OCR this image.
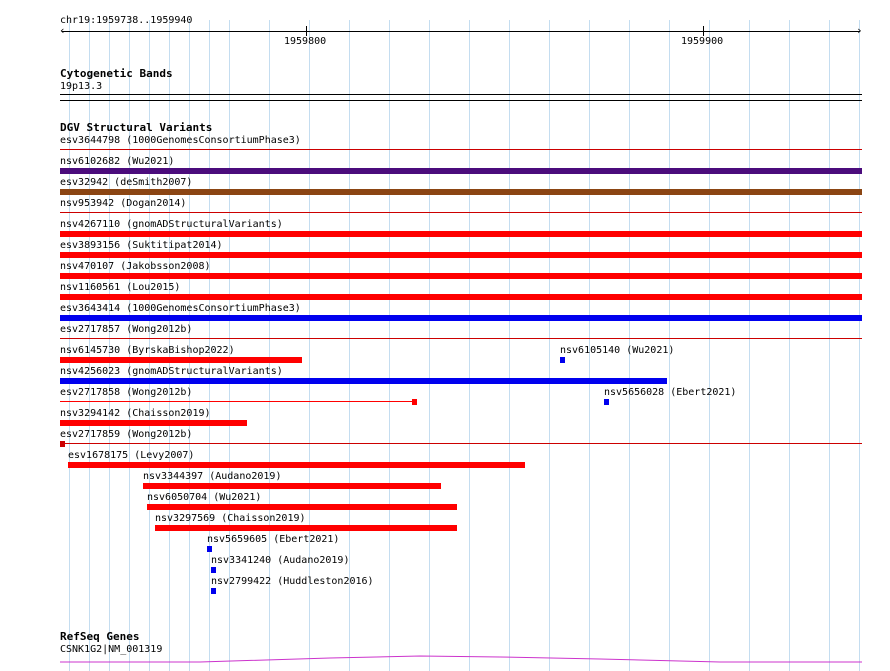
chr19:1959738..1959940
‹	›
1959800	1959900
Cytogenetic Bands
19p13.3
DGV Structural Variants
esv3644798 (1000GenomesConsortiumPhase3)
nsv6102682 (Wu2021)
esv32942 (deSmith2007)
nsv953942 (Dogan2014)
nsv4267110 (gnomADStructuralVariants)
esv3893156 (Suktitipat2014)
nsv470107 (Jakobsson2008)
nsv1160561 (Lou2015)
esv3643414 (1000GenomesConsortiumPhase3)
esv2717857 (Wong2012b)
nsv6145730 (ByrskaBishop2022)	nsv6105140 (Wu2021)
nsv4256023 (gnomADStructuralVariants)
esv2717858 (Wong2012b)	nsv5656028 (Ebert2021)
nsv3294142 (Chaisson2019)
esv2717859 (Wong2012b)
esv1678175 (Levy2007)
nsv3344397 (Audano2019)
nsv6050704 (Wu2021)
nsv3297569 (Chaisson2019)
nsv5659605 (Ebert2021)
nsv3341240 (Audano2019)
nsv2799422 (Huddleston2016)
RefSeq Genes
CSNK1G2|NM_001319
